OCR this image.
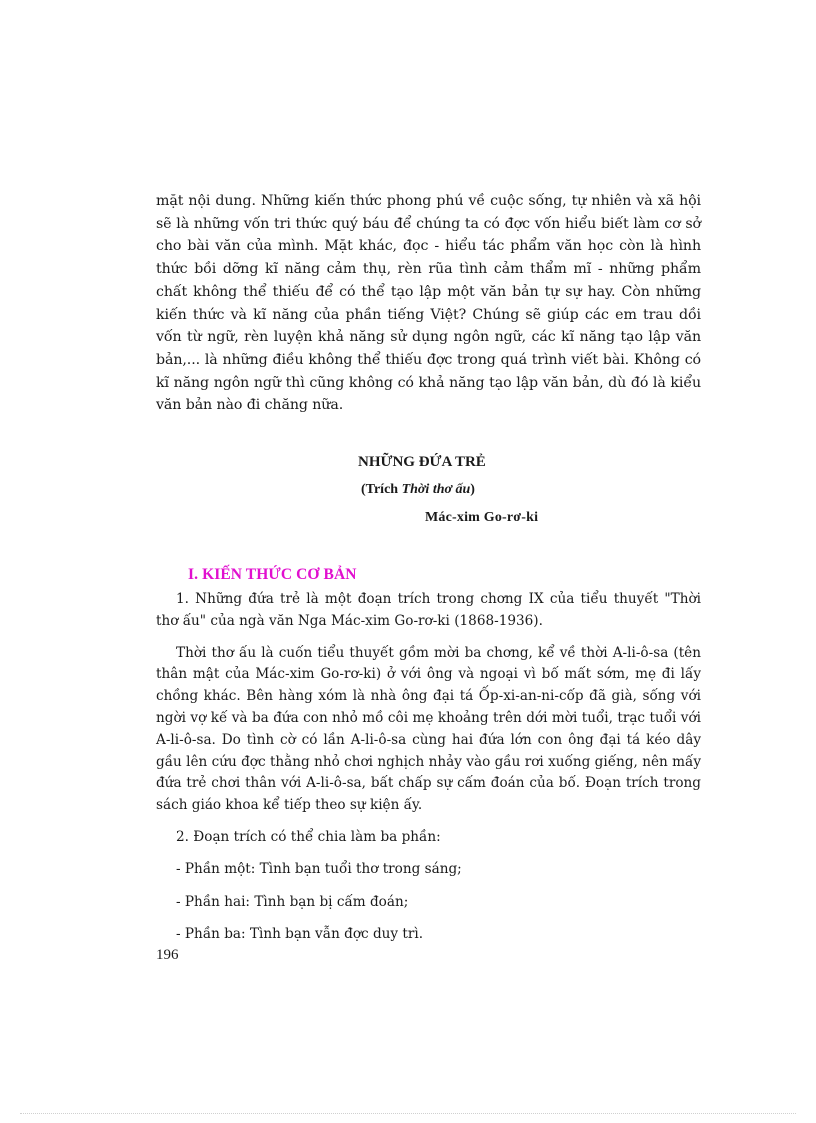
mặt nội dung. Những kiến thức phong phú về cuộc sống, tự nhiên và xã hội sẽ là những vốn tri thức quý báu để chúng ta có đợc vốn hiểu biết làm cơ sở cho bài văn của mình. Mặt khác, đọc - hiểu tác phẩm văn học còn là hình thức bồi dỡng kĩ năng cảm thụ, rèn rũa tình cảm thẩm mĩ - những phẩm chất không thể thiếu để có thể tạo lập một văn bản tự sự hay. Còn những kiến thức và kĩ năng của phần tiếng Việt? Chúng sẽ giúp các em trau dồi vốn từ ngữ, rèn luyện khả năng sử dụng ngôn ngữ, các kĩ năng tạo lập văn bản,... là những điều không thể thiếu đợc trong quá trình viết bài. Không có kĩ năng ngôn ngữ thì cũng không có khả năng tạo lập văn bản, dù đó là kiểu văn bản nào đi chăng nữa.
NHỮNG ĐỨA TRẺ
(Trích Thời thơ ấu)
Mác-xim Go-rơ-ki
I. KIẾN THỨC CƠ BẢN

1. Những đứa trẻ là một đoạn trích trong chơng IX của tiểu thuyết "Thời thơ ấu" của ngà văn Nga Mác-xim Go-rơ-ki (1868-1936).

Thời thơ ấu là cuốn tiểu thuyết gồm mời ba chơng, kể về thời A-li-ô-sa (tên thân mật của Mác-xim Go-rơ-ki) ở với ông và ngoại vì bố mất sớm, mẹ đi lấy chồng khác. Bên hàng xóm là nhà ông đại tá Ốp-xi-an-ni-cốp đã già, sống với ngời vợ kế và ba đứa con nhỏ mồ côi mẹ khoảng trên dới mời tuổi, trạc tuổi với A-li-ô-sa. Do tình cờ có lần A-li-ô-sa cùng hai đứa lớn con ông đại tá kéo dây gầu lên cứu đợc thằng nhỏ chơi nghịch nhảy vào gầu rơi xuống giếng, nên mấy đứa trẻ chơi thân với A-li-ô-sa, bất chấp sự cấm đoán của bố. Đoạn trích trong sách giáo khoa kể tiếp theo sự kiện ấy.

2. Đoạn trích có thể chia làm ba phần:

- Phần một: Tình bạn tuổi thơ trong sáng;

- Phần hai: Tình bạn bị cấm đoán;

- Phần ba: Tình bạn vẫn đợc duy trì.

196
